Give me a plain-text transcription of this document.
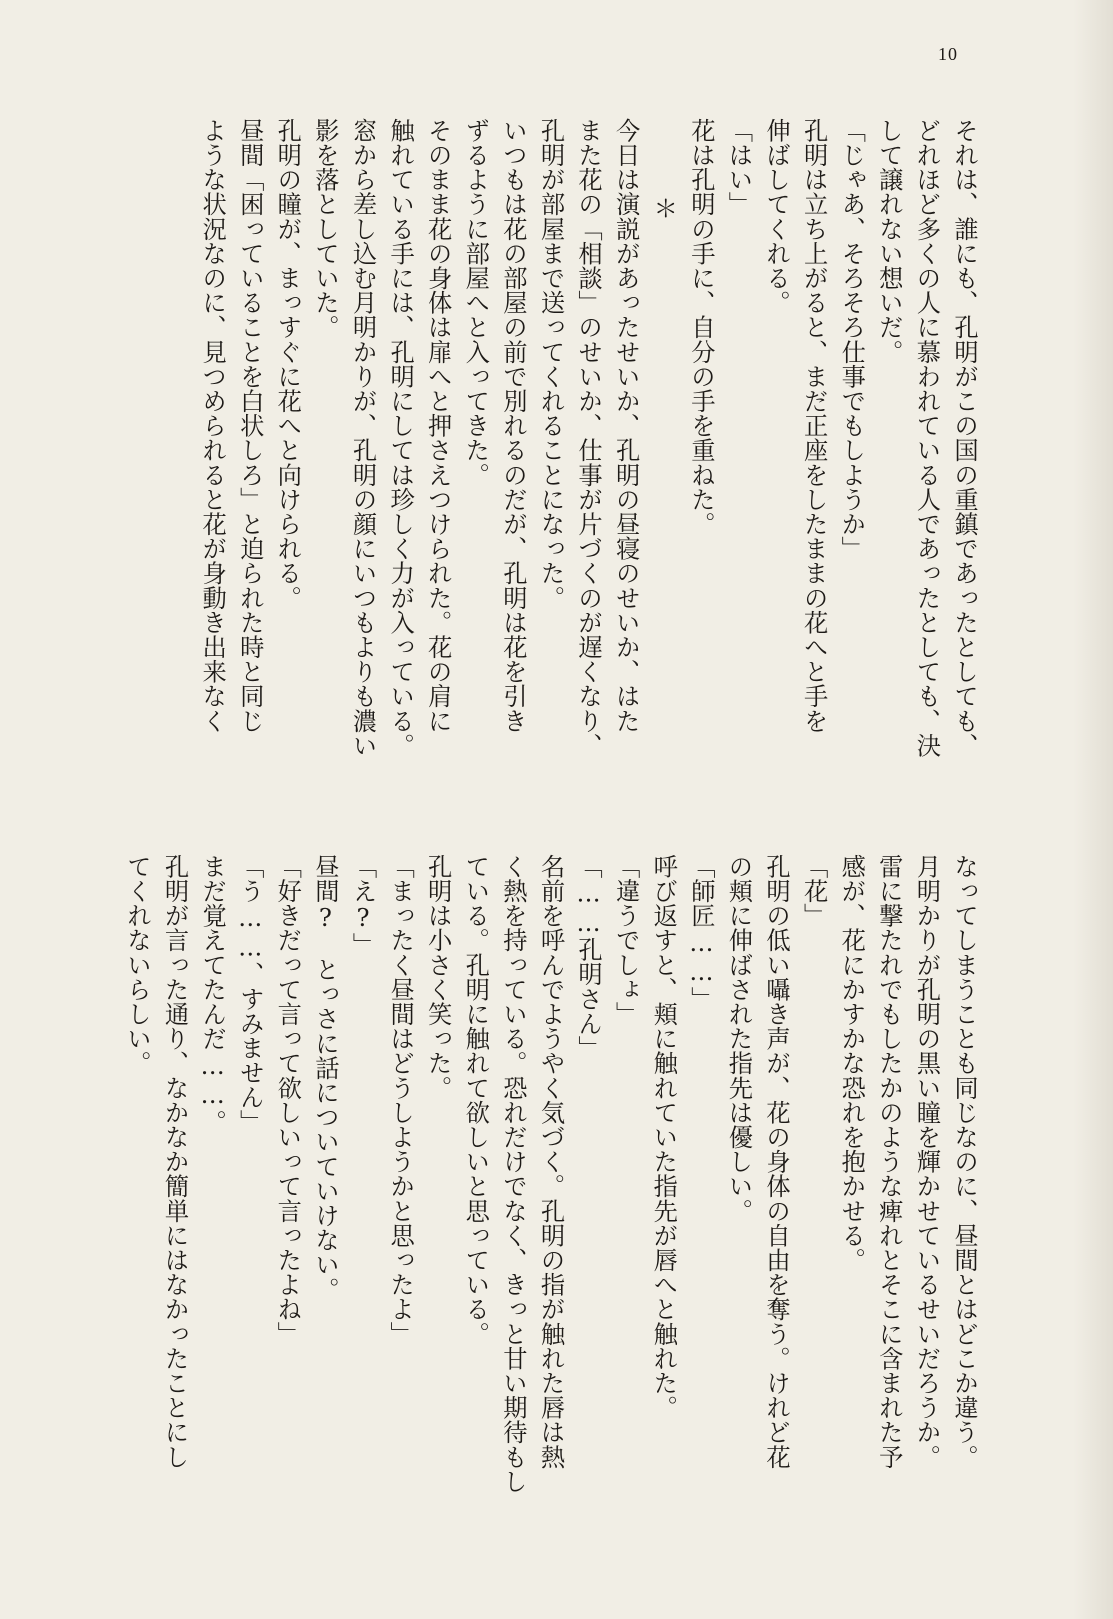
10
それは、誰にも、孔明がこの国の重鎮であったとしても、
どれほど多くの人に慕われている人であったとしても、決
して譲れない想いだ。
「じゃあ、そろそろ仕事でもしようか」
孔明は立ち上がると、まだ正座をしたままの花へと手を
伸ばしてくれる。
「はい」
花は孔明の手に、自分の手を重ねた。
＊
今日は演説があったせいか、孔明の昼寝のせいか、はた
また花の「相談」のせいか、仕事が片づくのが遅くなり、
孔明が部屋まで送ってくれることになった。
いつもは花の部屋の前で別れるのだが、孔明は花を引き
ずるように部屋へと入ってきた。
そのまま花の身体は扉へと押さえつけられた。花の肩に
触れている手には、孔明にしては珍しく力が入っている。
窓から差し込む月明かりが、孔明の顔にいつもよりも濃い
影を落としていた。
孔明の瞳が、まっすぐに花へと向けられる。
昼間「困っていることを白状しろ」と迫られた時と同じ
ような状況なのに、見つめられると花が身動き出来なく
なってしまうことも同じなのに、昼間とはどこか違う。
月明かりが孔明の黒い瞳を輝かせているせいだろうか。
雷に撃たれでもしたかのような痺れとそこに含まれた予
感が、花にかすかな恐れを抱かせる。
「花」
孔明の低い囁き声が、花の身体の自由を奪う。けれど花
の頬に伸ばされた指先は優しい。
「師匠……」
呼び返すと、頬に触れていた指先が唇へと触れた。
「違うでしょ」
「……孔明さん」
名前を呼んでようやく気づく。孔明の指が触れた唇は熱
く熱を持っている。恐れだけでなく、きっと甘い期待もし
ている。孔明に触れて欲しいと思っている。
孔明は小さく笑った。
「まったく昼間はどうしようかと思ったよ」
「え?」
昼間?　とっさに話についていけない。
「好きだって言って欲しいって言ったよね」
「う……、すみません」
まだ覚えてたんだ……。
孔明が言った通り、なかなか簡単にはなかったことにし
てくれないらしい。
